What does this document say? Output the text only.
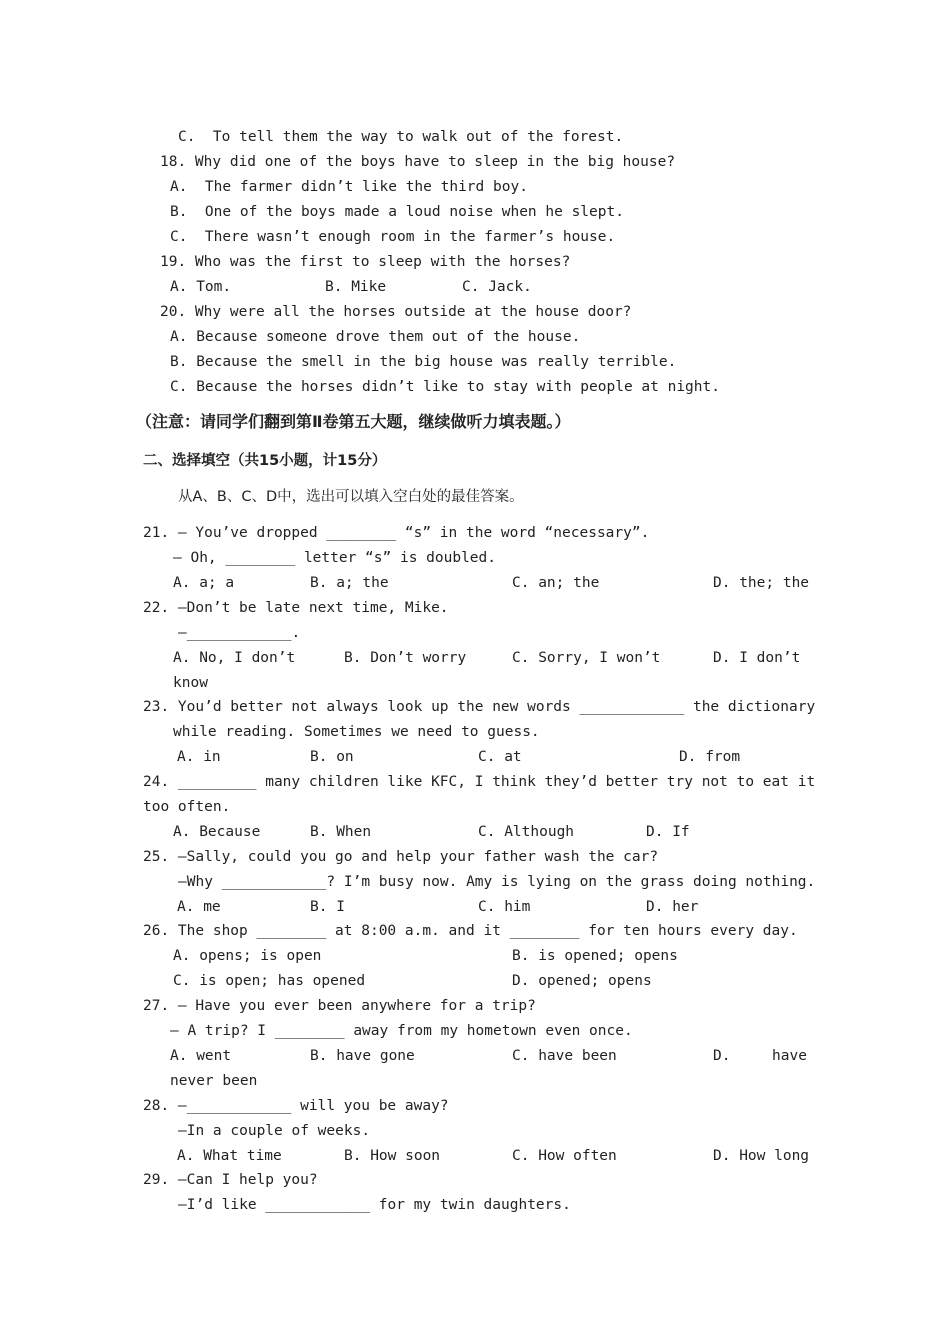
C.  To tell them the way to walk out of the forest.
18. Why did one of the boys have to sleep in the big house?
A.  The farmer didn’t like the third boy.
B.  One of the boys made a loud noise when he slept.
C.  There wasn’t enough room in the farmer’s house.
19. Who was the first to sleep with the horses?
A. Tom.	B. Mike	C. Jack.
20. Why were all the horses outside at the house door?
A. Because someone drove them out of the house.
B. Because the smell in the big house was really terrible.
C. Because the horses didn’t like to stay with people at night.
（注意：请同学们翻到第Ⅱ卷第五大题，继续做听力填表题。）
二、选择填空（共15小题，计15分）
从A、B、C、D中，选出可以填入空白处的最佳答案。
21. — You’ve dropped ________ “s” in the word “necessary”.
— Oh, ________ letter “s” is doubled.
A. a; a	B. a; the	C. an; the	D. the; the
22. —Don’t be late next time, Mike.
—____________.
A. No, I don’t	B. Don’t worry	C. Sorry, I won’t	D. I don’t
know
23. You’d better not always look up the new words ____________ the dictionary
while reading. Sometimes we need to guess.
A. in	B. on	C. at	D. from
24. _________ many children like KFC, I think they’d better try not to eat it
too often.
A. Because	B. When	C. Although	D. If
25. —Sally, could you go and help your father wash the car?
—Why ____________? I’m busy now. Amy is lying on the grass doing nothing.
A. me	B. I	C. him	D. her
26. The shop ________ at 8:00 a.m. and it ________ for ten hours every day.
A. opens; is open	B. is opened; opens
C. is open; has opened	D. opened; opens
27. — Have you ever been anywhere for a trip?
— A trip? I ________ away from my hometown even once.
A. went	B. have gone	C. have been	D.	have
never been
28. —____________ will you be away?
—In a couple of weeks.
A. What time	B. How soon	C. How often	D. How long
29. —Can I help you?
—I’d like ____________ for my twin daughters.
